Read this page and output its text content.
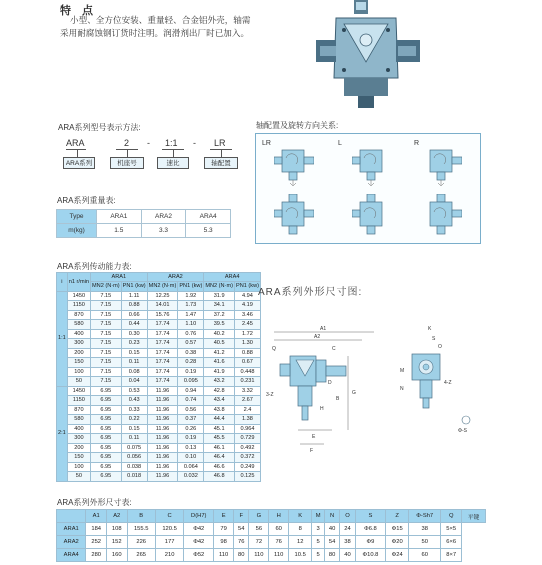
特 点
小型、全方位安装、重量轻、合金铝外壳，轴需
采用耐腐蚀钢订货时注明。润滑剂出厂时已加入。
ARA系列型号表示方法:
ARA	2 - 1:1 - LR
ARA系列	机座号	速比	轴配置
轴配置及旋转方向关系:
LR	L	R
ARA系列重量表:
Type	ARA1	ARA2	ARA4
m(kg)	1.5	3.3	5.3
ARA系列传动能力表:
i	n1 r/min	ARA1		ARA2		ARA4	
		MN2 (N·m)	PN1 (kw)	MN2 (N·m)	PN1 (kw)	MN2 (N·m)	PN1 (kw)
1:1	1450	7.15	1.11	12.25	1.92	31.9	4.94
	1150	7.15	0.88	14.01	1.73	34.1	4.19
	870	7.15	0.66	15.76	1.47	37.2	3.46
	580	7.15	0.44	17.74	1.10	39.5	2.45
	400	7.15	0.30	17.74	0.76	40.2	1.72
	300	7.15	0.23	17.74	0.57	40.5	1.30
	200	7.15	0.15	17.74	0.38	41.2	0.88
	150	7.15	0.11	17.74	0.28	41.6	0.67
	100	7.15	0.08	17.74	0.19	41.9	0.448
	50	7.15	0.04	17.74	0.095	43.2	0.231
2:1	1450	6.95	0.53	11.96	0.94	42.8	3.32
	1150	6.95	0.43	11.96	0.74	43.4	2.67
	870	6.95	0.33	11.96	0.56	43.8	2.4
	580	6.95	0.22	11.96	0.37	44.4	1.38
	400	6.95	0.15	11.96	0.26	45.1	0.964
	300	6.95	0.11	11.96	0.19	45.5	0.729
	200	6.95	0.075	11.96	0.13	46.1	0.492
	150	6.95	0.056	11.96	0.10	46.4	0.372
	100	6.95	0.038	11.96	0.064	46.6	0.249
	50	6.95	0.018	11.96	0.032	46.8	0.125
ARA系列外形尺寸图:
A1
A2
Q	C
3-Z	G
B
D
H
E
F
K
S
O
M
N
4-Z
Φ-S
ARA系列外形尺寸表:
	A1	A2	B	C	D(H7)	E	F	G	H	K	M	N	O	S	Z	Φ-Sh7	Q	平键
ARA1	184	108	155.5	120.5	Φ42	79	54	56	60	8	3	40	24	Φ6.8	Φ15	38	5×5	
ARA2	252	152	226	177	Φ42	98	76	72	76	12	5	54	38	Φ9	Φ20	50	6×6	
ARA4	280	160	265	210	Φ52	110	80	110	110	10.5	5	80	40	Φ10.8	Φ24	60	8×7	
